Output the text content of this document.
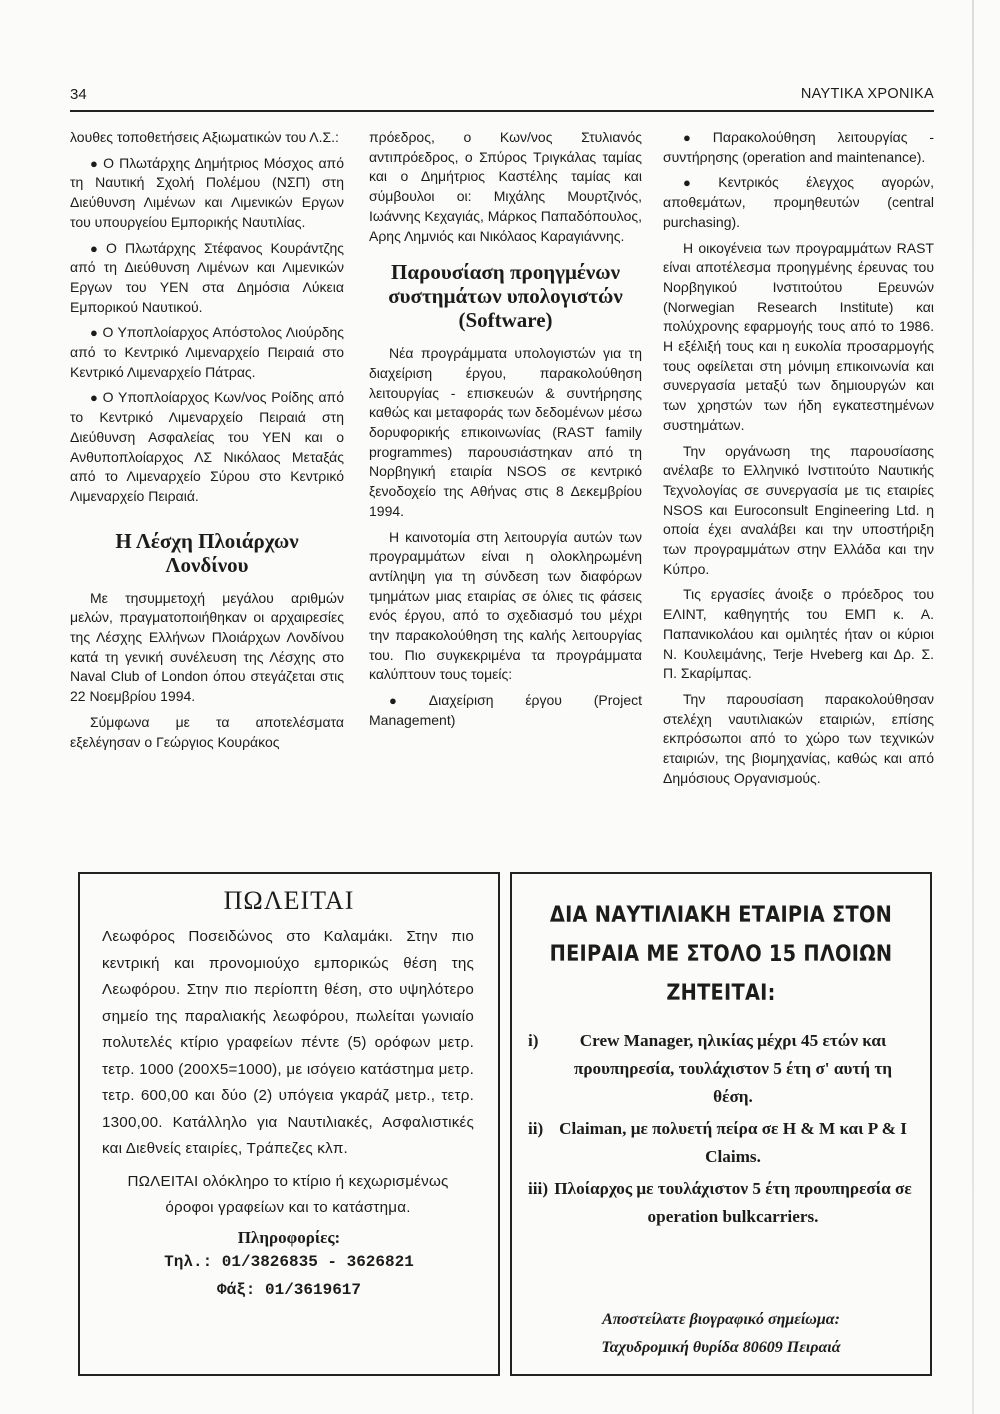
34	ΝΑΥΤΙΚΑ ΧΡΟΝΙΚΑ

λουθες τοποθετήσεις Αξιωματικών του Λ.Σ.:

● Ο Πλωτάρχης Δημήτριος Μόσχος από τη Ναυτική Σχολή Πολέμου (ΝΣΠ) στη Διεύθυνση Λιμένων και Λιμενικών Εργων του υπουργείου Εμπορικής Ναυτιλίας.

● Ο Πλωτάρχης Στέφανος Κουράντζης από τη Διεύθυνση Λιμένων και Λιμενικών Εργων του ΥΕΝ στα Δημόσια Λύκεια Εμπορικού Ναυτικού.

● Ο Υποπλοίαρχος Απόστολος Λιούρδης από το Κεντρικό Λιμεναρχείο Πειραιά στο Κεντρικό Λιμεναρχείο Πάτρας.

● Ο Υποπλοίαρχος Κων/νος Ροίδης από το Κεντρικό Λιμεναρχείο Πειραιά στη Διεύθυνση Ασφαλείας του ΥΕΝ και ο Ανθυποπλοίαρχος ΛΣ Νικόλαος Μεταξάς από το Λιμεναρχείο Σύρου στο Κεντρικό Λιμεναρχείο Πειραιά.

Η Λέσχη Πλοιάρχων Λονδίνου

Με τησυμμετοχή μεγάλου αριθμών μελών, πραγματοποιήθηκαν οι αρχαιρεσίες της Λέσχης Ελλήνων Πλοιάρχων Λονδίνου κατά τη γενική συνέλευση της Λέσχης στο Naval Club of London όπου στεγάζεται στις 22 Νοεμβρίου 1994.

Σύμφωνα με τα αποτελέσματα εξελέγησαν ο Γεώργιος Κουράκος

πρόεδρος, ο Κων/νος Στυλιανός αντιπρόεδρος, ο Σπύρος Τριγκάλας ταμίας και ο Δημήτριος Καστέλης ταμίας και σύμβουλοι οι: Μιχάλης Μουρτζινός, Ιωάννης Κεχαγιάς, Μάρκος Παπαδόπουλος, Αρης Λημνιός και Νικόλαος Καραγιάννης.

Παρουσίαση προηγμένων συστημάτων υπολογιστών (Software)

Νέα προγράμματα υπολογιστών για τη διαχείριση έργου, παρακολούθηση λειτουργίας - επισκευών & συντήρησης καθώς και μεταφοράς των δεδομένων μέσω δορυφορικής επικοινωνίας (RAST family programmes) παρουσιάστηκαν από τη Νορβηγική εταιρία NSOS σε κεντρικό ξενοδοχείο της Αθήνας στις 8 Δεκεμβρίου 1994.

Η καινοτομία στη λειτουργία αυτών των προγραμμάτων είναι η ολοκληρωμένη αντίληψη για τη σύνδεση των διαφόρων τμημάτων μιας εταιρίας σε όλιες τις φάσεις ενός έργου, από το σχεδιασμό του μέχρι την παρακολούθηση της καλής λειτουργίας του. Πιο συγκεκριμένα τα προγράμματα καλύπτουν τους τομείς:

● Διαχείριση έργου (Project Management)

● Παρακολούθηση λειτουργίας - συντήρησης (operation and maintenance).

● Κεντρικός έλεγχος αγορών, αποθεμάτων, προμηθευτών (central purchasing).

Η οικογένεια των προγραμμάτων RAST είναι αποτέλεσμα προηγμένης έρευνας του Νορβηγικού Ινστιτούτου Ερευνών (Norwegian Research Institute) και πολύχρονης εφαρμογής τους από το 1986. Η εξέλιξή τους και η ευκολία προσαρμογής τους οφείλεται στη μόνιμη επικοινωνία και συνεργασία μεταξύ των δημιουργών και των χρηστών των ήδη εγκατεστημένων συστημάτων.

Την οργάνωση της παρουσίασης ανέλαβε το Ελληνικό Ινστιτούτο Ναυτικής Τεχνολογίας σε συνεργασία με τις εταιρίες NSOS και Euroconsult Engineering Ltd. η οποία έχει αναλάβει και την υποστήριξη των προγραμμάτων στην Ελλάδα και την Κύπρο.

Τις εργασίες άνοιξε ο πρόεδρος του ΕΛΙΝΤ, καθηγητής του ΕΜΠ κ. Α. Παπανικολάου και ομιλητές ήταν οι κύριοι Ν. Κουλειμάνης, Terje Hveberg και Δρ. Σ. Π. Σκαρίμπας.

Την παρουσίαση παρακολούθησαν στελέχη ναυτιλιακών εταιριών, επίσης εκπρόσωποι από το χώρο των τεχνικών εταιριών, της βιομηχανίας, καθώς και από Δημόσιους Οργανισμούς.

ΠΩΛΕΙΤΑΙ

Λεωφόρος Ποσειδώνος στο Καλαμάκι. Στην πιο κεντρική και προνομιούχο εμπορικώς θέση της Λεωφόρου. Στην πιο περίοπτη θέση, στο υψηλότερο σημείο της παραλιακής λεωφόρου, πωλείται γωνιαίο πολυτελές κτίριο γραφείων πέντε (5) ορόφων μετρ. τετρ. 1000 (200Χ5=1000), με ισόγειο κατάστημα μετρ. τετρ. 600,00 και δύο (2) υπόγεια γκαράζ μετρ., τετρ. 1300,00. Κατάλληλο για Ναυτιλιακές, Ασφαλιστικές και Διεθνείς εταιρίες, Τράπεζες κλπ.

ΠΩΛΕΙΤΑΙ ολόκληρο το κτίριο ή κεχωρισμένως όροφοι γραφείων και το κατάστημα.

Πληροφορίες:
Τηλ.: 01/3826835 - 3626821
Φάξ: 01/3619617
ΔΙΑ ΝΑΥΤΙΛΙΑΚΗ ΕΤΑΙΡΙΑ ΣΤΟΝ ΠΕΙΡΑΙΑ ΜΕ ΣΤΟΛΟ 15 ΠΛΟΙΩΝ ΖΗΤΕΙΤΑΙ:
i)	Crew Manager, ηλικίας μέχρι 45 ετών και προυπηρεσία, τουλάχιστον 5 έτη σ' αυτή τη θέση.
ii) Claiman, με πολυετή πείρα σε H & M και P & I Claims.
iii) Πλοίαρχος με τουλάχιστον 5 έτη προυπηρεσία σε operation bulkcarriers.
Αποστείλατε βιογραφικό σημείωμα:
Ταχυδρομική θυρίδα 80609 Πειραιά
